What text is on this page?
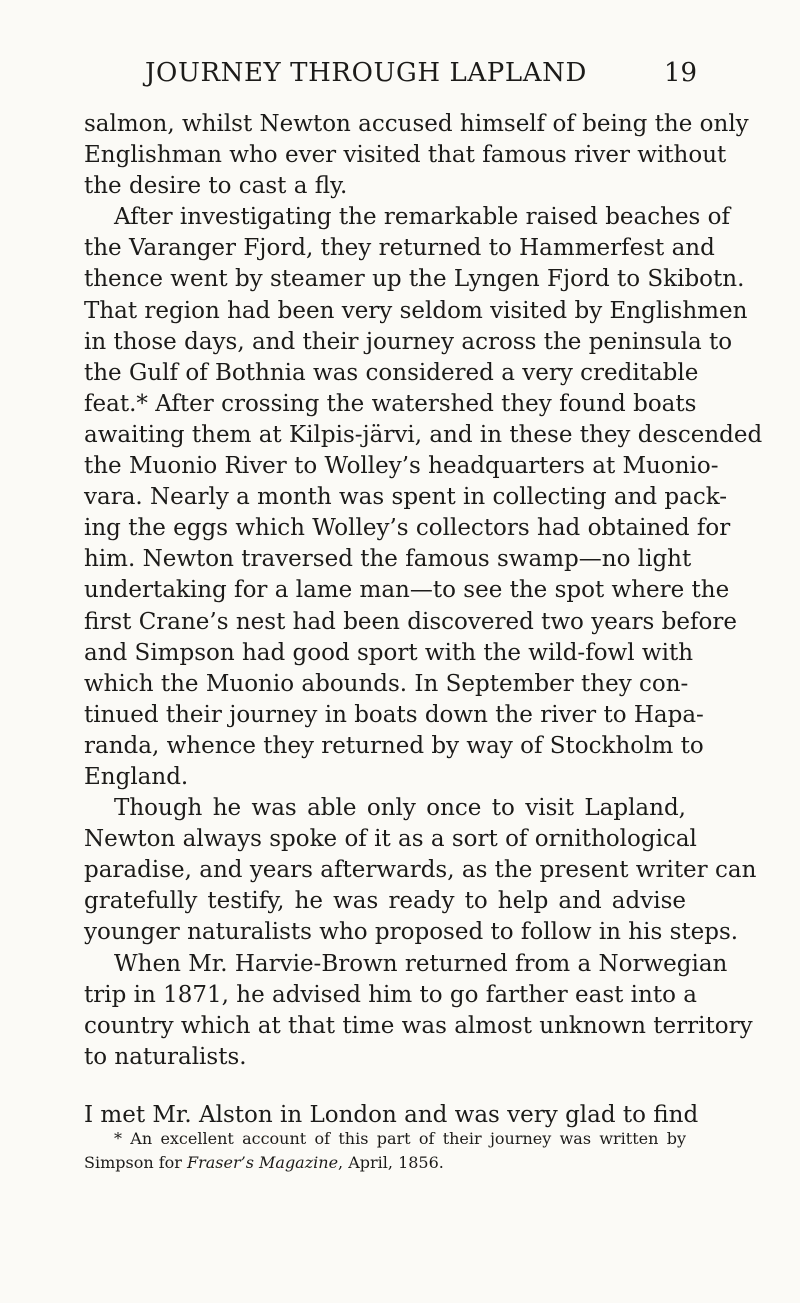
JOURNEY THROUGH LAPLAND	19
salmon, whilst Newton accused himself of being the only
Englishman who ever visited that famous river without
the desire to cast a fly.
After investigating the remarkable raised beaches of
the Varanger Fjord, they returned to Hammerfest and
thence went by steamer up the Lyngen Fjord to Skibotn.
That region had been very seldom visited by Englishmen
in those days, and their journey across the peninsula to
the Gulf of Bothnia was considered a very creditable
feat.* After crossing the watershed they found boats
awaiting them at Kilpis-järvi, and in these they descended
the Muonio River to Wolley’s headquarters at Muonio-
vara. Nearly a month was spent in collecting and pack-
ing the eggs which Wolley’s collectors had obtained for
him. Newton traversed the famous swamp—no light
undertaking for a lame man—to see the spot where the
first Crane’s nest had been discovered two years before
and Simpson had good sport with the wild-fowl with
which the Muonio abounds. In September they con-
tinued their journey in boats down the river to Hapa-
randa, whence they returned by way of Stockholm to
England.
Though he was able only once to visit Lapland,
Newton always spoke of it as a sort of ornithological
paradise, and years afterwards, as the present writer can
gratefully testify, he was ready to help and advise
younger naturalists who proposed to follow in his steps.
When Mr. Harvie-Brown returned from a Norwegian
trip in 1871, he advised him to go farther east into a
country which at that time was almost unknown territory
to naturalists.
I met Mr. Alston in London and was very glad to find
* An excellent account of this part of their journey was written by
Simpson for Fraser’s Magazine, April, 1856.
